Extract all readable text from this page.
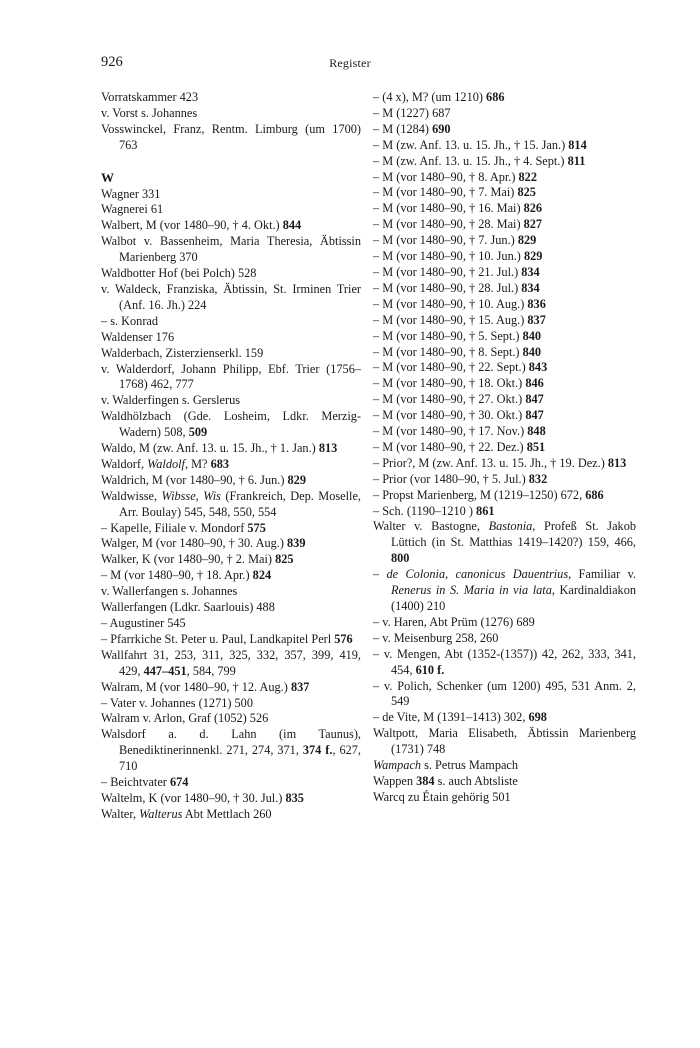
926	Register

Vorratskammer 423

v. Vorst s. Johannes

Vosswinckel, Franz, Rentm. Limburg (um 1700) 763

W

Wagner 331

Wagnerei 61

Walbert, M (vor 1480–90, † 4. Okt.) 844

Walbot v. Bassenheim, Maria Theresia, Äbtissin Marienberg 370

Waldbotter Hof (bei Polch) 528

v. Waldeck, Franziska, Äbtissin, St. Irminen Trier (Anf. 16. Jh.) 224

– s. Konrad

Waldenser 176

Walderbach, Zisterzienserkl. 159

v. Walderdorf, Johann Philipp, Ebf. Trier (1756–1768) 462, 777

v. Walderfingen s. Gerslerus

Waldhölzbach (Gde. Losheim, Ldkr. Merzig-Wadern) 508, 509

Waldo, M (zw. Anf. 13. u. 15. Jh., † 1. Jan.) 813

Waldorf, Waldolf, M? 683

Waldrich, M (vor 1480–90, † 6. Jun.) 829

Waldwisse, Wibsse, Wis (Frankreich, Dep. Moselle, Arr. Boulay) 545, 548, 550, 554

– Kapelle, Filiale v. Mondorf 575

Walger, M (vor 1480–90, † 30. Aug.) 839

Walker, K (vor 1480–90, † 2. Mai) 825

– M (vor 1480–90, † 18. Apr.) 824

v. Wallerfangen s. Johannes

Wallerfangen (Ldkr. Saarlouis) 488

– Augustiner 545

– Pfarrkiche St. Peter u. Paul, Landkapitel Perl 576

Wallfahrt 31, 253, 311, 325, 332, 357, 399, 419, 429, 447–451, 584, 799

Walram, M (vor 1480–90, † 12. Aug.) 837

– Vater v. Johannes (1271) 500

Walram v. Arlon, Graf (1052) 526

Walsdorf a. d. Lahn (im Taunus), Benediktinerinnenkl. 271, 274, 371, 374 f., 627, 710

– Beichtvater 674

Waltelm, K (vor 1480–90, † 30. Jul.) 835

Walter, Walterus Abt Mettlach 260

– (4 x), M? (um 1210) 686

– M (1227) 687

– M (1284) 690

– M (zw. Anf. 13. u. 15. Jh., † 15. Jan.) 814

– M (zw. Anf. 13. u. 15. Jh., † 4. Sept.) 811

– M (vor 1480–90, † 8. Apr.) 822

– M (vor 1480–90, † 7. Mai) 825

– M (vor 1480–90, † 16. Mai) 826

– M (vor 1480–90, † 28. Mai) 827

– M (vor 1480–90, † 7. Jun.) 829

– M (vor 1480–90, † 10. Jun.) 829

– M (vor 1480–90, † 21. Jul.) 834

– M (vor 1480–90, † 28. Jul.) 834

– M (vor 1480–90, † 10. Aug.) 836

– M (vor 1480–90, † 15. Aug.) 837

– M (vor 1480–90, † 5. Sept.) 840

– M (vor 1480–90, † 8. Sept.) 840

– M (vor 1480–90, † 22. Sept.) 843

– M (vor 1480–90, † 18. Okt.) 846

– M (vor 1480–90, † 27. Okt.) 847

– M (vor 1480–90, † 30. Okt.) 847

– M (vor 1480–90, † 17. Nov.) 848

– M (vor 1480–90, † 22. Dez.) 851

– Prior?, M (zw. Anf. 13. u. 15. Jh., † 19. Dez.) 813

– Prior (vor 1480–90, † 5. Jul.) 832

– Propst Marienberg, M (1219–1250) 672, 686

– Sch. (1190–1210 ) 861

Walter v. Bastogne, Bastonia, Profeß St. Jakob Lüttich (in St. Matthias 1419–1420?) 159, 466, 800

– de Colonia, canonicus Dauentrius, Familiar v. Renerus in S. Maria in via lata, Kardinaldiakon (1400) 210

– v. Haren, Abt Prüm (1276) 689

– v. Meisenburg 258, 260

– v. Mengen, Abt (1352-(1357)) 42, 262, 333, 341, 454, 610 f.

– v. Polich, Schenker (um 1200) 495, 531 Anm. 2, 549

– de Vite, M (1391–1413) 302, 698

Waltpott, Maria Elisabeth, Äbtissin Marienberg (1731) 748

Wampach s. Petrus Mampach

Wappen 384 s. auch Abtsliste

Warcq zu Étain gehörig 501
